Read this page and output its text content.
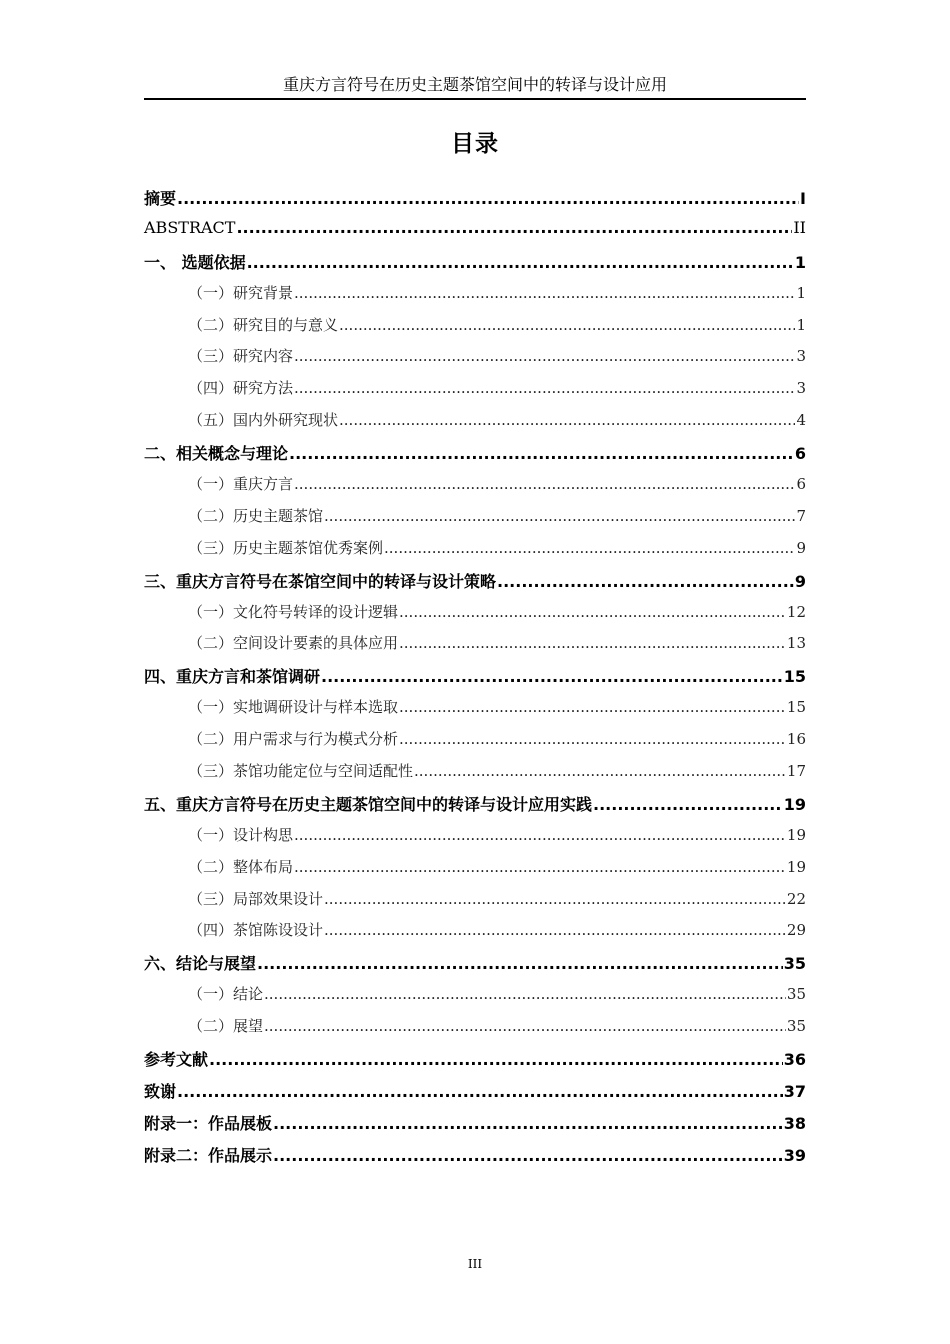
重庆方言符号在历史主题茶馆空间中的转译与设计应用
目录
摘要 .....	I
ABSTRACT .....	II
一、 选题依据 .....	1
（一）研究背景 .....	1
（二）研究目的与意义 .....	1
（三）研究内容 .....	3
（四）研究方法 .....	3
（五）国内外研究现状 .....	4
二、相关概念与理论 .....	6
（一）重庆方言 .....	6
（二）历史主题茶馆 .....	7
（三）历史主题茶馆优秀案例 .....	9
三、重庆方言符号在茶馆空间中的转译与设计策略 .....	9
（一）文化符号转译的设计逻辑 .....	12
（二）空间设计要素的具体应用 .....	13
四、重庆方言和茶馆调研 .....	15
（一）实地调研设计与样本选取 .....	15
（二）用户需求与行为模式分析 .....	16
（三）茶馆功能定位与空间适配性 .....	17
五、重庆方言符号在历史主题茶馆空间中的转译与设计应用实践 .....	19
（一）设计构思 .....	19
（二）整体布局 .....	19
（三）局部效果设计 .....	22
（四）茶馆陈设设计 .....	29
六、结论与展望 .....	35
（一）结论 .....	35
（二）展望 .....	35
参考文献 .....	36
致谢 .....	37
附录一：作品展板 .....	38
附录二：作品展示 .....	39
III
